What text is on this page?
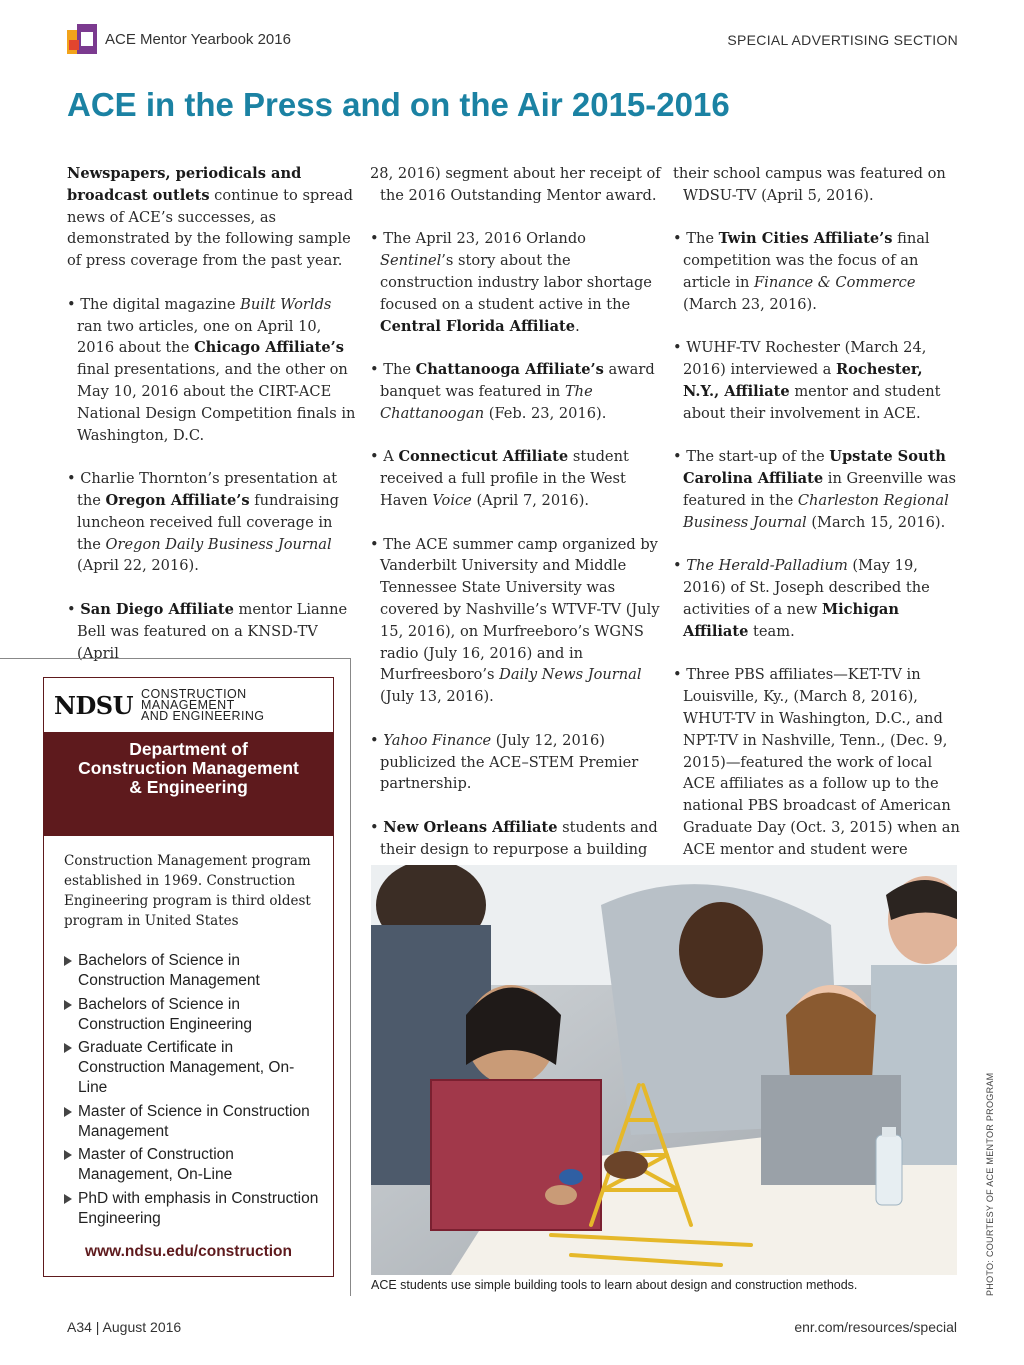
ACE Mentor Yearbook 2016	SPECIAL ADVERTISING SECTION
ACE in the Press and on the Air 2015-2016

Newspapers, periodicals and broadcast outlets continue to spread news of ACE’s successes, as demonstrated by the following sample of press coverage from the past year.

• The digital magazine Built Worlds ran two articles, one on April 10, 2016 about the Chicago Affiliate’s final presentations, and the other on May 10, 2016 about the CIRT-ACE National Design Competition finals in Washington, D.C.

• Charlie Thornton’s presentation at the Oregon Affiliate’s fundraising luncheon received full coverage in the Oregon Daily Business Journal (April 22, 2016).

• San Diego Affiliate mentor Lianne Bell was featured on a KNSD-TV (April

28, 2016) segment about her receipt of the 2016 Outstanding Mentor award.

• The April 23, 2016 Orlando Sentinel’s story about the construction industry labor shortage focused on a student active in the Central Florida Affiliate.

• The Chattanooga Affiliate’s award banquet was featured in The Chattanoogan (Feb. 23, 2016).

• A Connecticut Affiliate student received a full profile in the West Haven Voice (April 7, 2016).

• The ACE summer camp organized by Vanderbilt University and Middle Tennessee State University was covered by Nashville’s WTVF-TV (July 15, 2016), on Murfreeboro’s WGNS radio (July 16, 2016) and in Murfreesboro’s Daily News Journal (July 13, 2016).

• Yahoo Finance (July 12, 2016) publicized the ACE–STEM Premier partnership.

• New Orleans Affiliate students and their design to repurpose a building

their school campus was featured on WDSU-TV (April 5, 2016).

• The Twin Cities Affiliate’s final competition was the focus of an article in Finance & Commerce (March 23, 2016).

• WUHF-TV Rochester (March 24, 2016) interviewed a Rochester, N.Y., Affiliate mentor and student about their involvement in ACE.

• The start-up of the Upstate South Carolina Affiliate in Greenville was featured in the Charleston Regional Business Journal (March 15, 2016).

• The Herald-Palladium (May 19, 2016) of St. Joseph described the activities of a new Michigan Affiliate team.

• Three PBS affiliates—KET-TV in Louisville, Ky., (March 8, 2016), WHUT-TV in Washington, D.C., and NPT-TV in Nashville, Tenn., (Dec. 9, 2015)—featured the work of local ACE affiliates as a follow up to the national PBS broadcast of American Graduate Day (Oct. 3, 2015) when an ACE mentor and student were

NDSU CONSTRUCTION MANAGEMENT
AND ENGINEERING
Department of
Construction Management
& Engineering

Construction Management program established in 1969. Construction Engineering program is third oldest program in United States

Bachelors of Science in Construction Management
Bachelors of Science in Construction Engineering
Graduate Certificate in Construction Management, On-Line
Master of Science in Construction Management
Master of Construction Management, On-Line
PhD with emphasis in Construction Engineering
www.ndsu.edu/construction
ACE students use simple building tools to learn about design and construction methods.	PHOTO: COURTESY OF ACE MENTOR PROGRAM
A34 | August 2016	enr.com/resources/special
